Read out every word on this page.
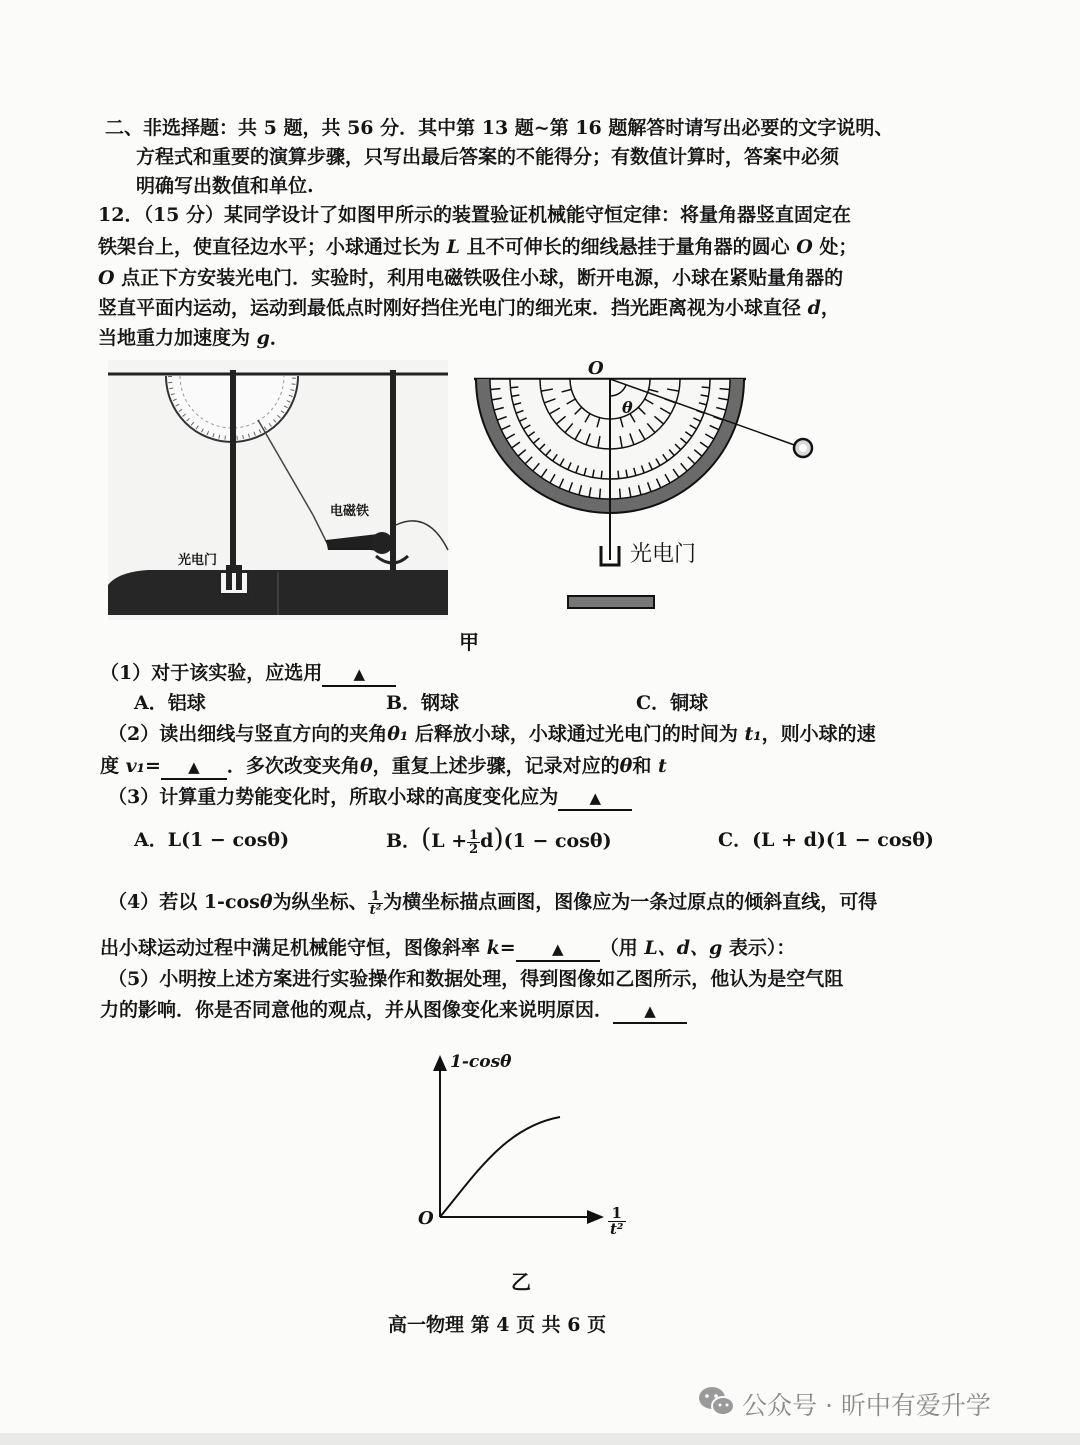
二、非选择题：共 5 题，共 56 分．其中第 13 题~第 16 题解答时请写出必要的文字说明、
方程式和重要的演算步骤，只写出最后答案的不能得分；有数值计算时，答案中必须
明确写出数值和单位.
12．（15 分）某同学设计了如图甲所示的装置验证机械能守恒定律：将量角器竖直固定在
铁架台上，使直径边水平；小球通过长为 L 且不可伸长的细线悬挂于量角器的圆心 O 处；
O 点正下方安装光电门．实验时，利用电磁铁吸住小球，断开电源，小球在紧贴量角器的
竖直平面内运动，运动到最低点时刚好挡住光电门的细光束．挡光距离视为小球直径 d，
当地重力加速度为 g．
电磁铁
光电门
O
θ
光电门
甲
（1）对于该实验，应选用 ▲
A．铝球	B．钢球	C．铜球
（2）读出细线与竖直方向的夹角θ₁ 后释放小球，小球通过光电门的时间为 t₁，则小球的速
度 v₁= ▲ ．多次改变夹角θ，重复上述步骤，记录对应的θ和 t
（3）计算重力势能变化时，所取小球的高度变化应为 ▲
A．L(1 − cosθ)	B．$(L + \frac{1}{2} d)(1 - \cos\theta)$	C．(L + d)(1 − cosθ)
（4）若以 1-cosθ为纵坐标、 $\frac{1}{\text{t²}}$ 为横坐标描点画图，图像应为一条过原点的倾斜直线，可得
出小球运动过程中满足机械能守恒，图像斜率 k= ▲ （用 L、d、g 表示）：
（5）小明按上述方案进行实验操作和数据处理，得到图像如乙图所示，他认为是空气阻
力的影响．你是否同意他的观点，并从图像变化来说明原因． ▲
1-cosθ
O	$\frac{1}{\text{t²}}$
乙
高一物理 第 4 页 共 6 页
公众号 · 昕中有爱升学
